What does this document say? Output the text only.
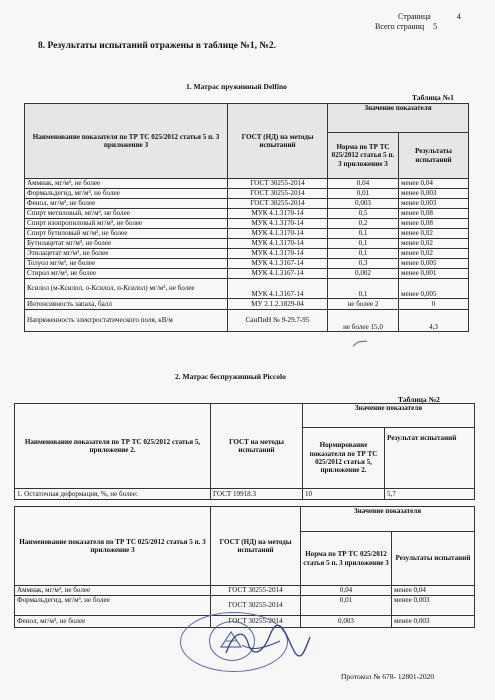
Страница	4
Всего страниц 5
8. Результаты испытаний отражены в таблице №1, №2.
1. Матрас пружинный Delfino
Таблица №1
Наименование показателя по ТР ТС 025/2012 статья 5 п. 3 приложение 3	ГОСТ (НД) на методы испытаний	Значение показателя	
		Норма по ТР ТС 025/2012 статья 5 п. 3 приложение 3	Результаты испытаний
Аммиак, мг/м³, не более	ГОСТ 30255-2014	0,04	менее 0,04
Формальдегид, мг/м³, не более	ГОСТ 30255-2014	0,01	менее 0,003
Фенол, мг/м³, не более	ГОСТ 30255-2014	0,003	менее 0,003
Спирт метиловый, мг/м³, не более	МУК 4.1.3170-14	0,5	менее 0,08
Спирт изопропиловый мг/м³, не более	МУК 4.1.3170-14	0,2	менее 0,08
Спирт бутиловый мг/м³, не более	МУК 4.1.3170-14	0,1	менее 0,02
Бутилацетат мг/м³, не более	МУК 4.1.3170-14	0,1	менее 0,02
Этилацетат мг/м³, не более	МУК 4.1.3170-14	0,1	менее 0,02
Толуол мг/м³, не более	МУК 4.1.3167-14	0,3	менее 0,005
Стирол мг/м³, не более	МУК 4.1.3167-14	0,002	менее 0,001
Ксилол (м-Ксилол, о-Ксилол, п-Ксилол) мг/м³, не более	МУК 4.1.3167-14	0,1	менее 0,005
Интенсивность запаха, балл	МУ 2.1.2.1829-04	не более 2	0
Напряженность электростатического поля, кВ/м	СанПиН № 9-29.7-95	не более 15,0	4,3
2. Матрас беспружинный Piccolo
Таблица №2
Наименование показателя по ТР ТС 025/2012 статья 5, приложение 2.	ГОСТ на методы испытаний	Значение показателя	
		Нормирование показателя по ТР ТС 025/2012 статья 5, приложение 2.	Результат испытаний
1. Остаточная деформация, %, не более:	ГОСТ 19918.3	10	5,7
Наименование показателя по ТР ТС 025/2012 статья 5 п. 3 приложение 3	ГОСТ (НД) на методы испытаний	Значение показателя	
		Норма по ТР ТС 025/2012 статья 5 п. 3 приложение 3	Результаты испытаний
Аммиак, мг/м³, не более	ГОСТ 30255-2014	0,04	менее 0,04
Формальдегид, мг/м³, не более	ГОСТ 30255-2014	0,01	менее 0,003
Фенол, мг/м³, не более	ГОСТ 30255-2014	0,003	менее 0,003
Протокол № 678- 12801-2020
